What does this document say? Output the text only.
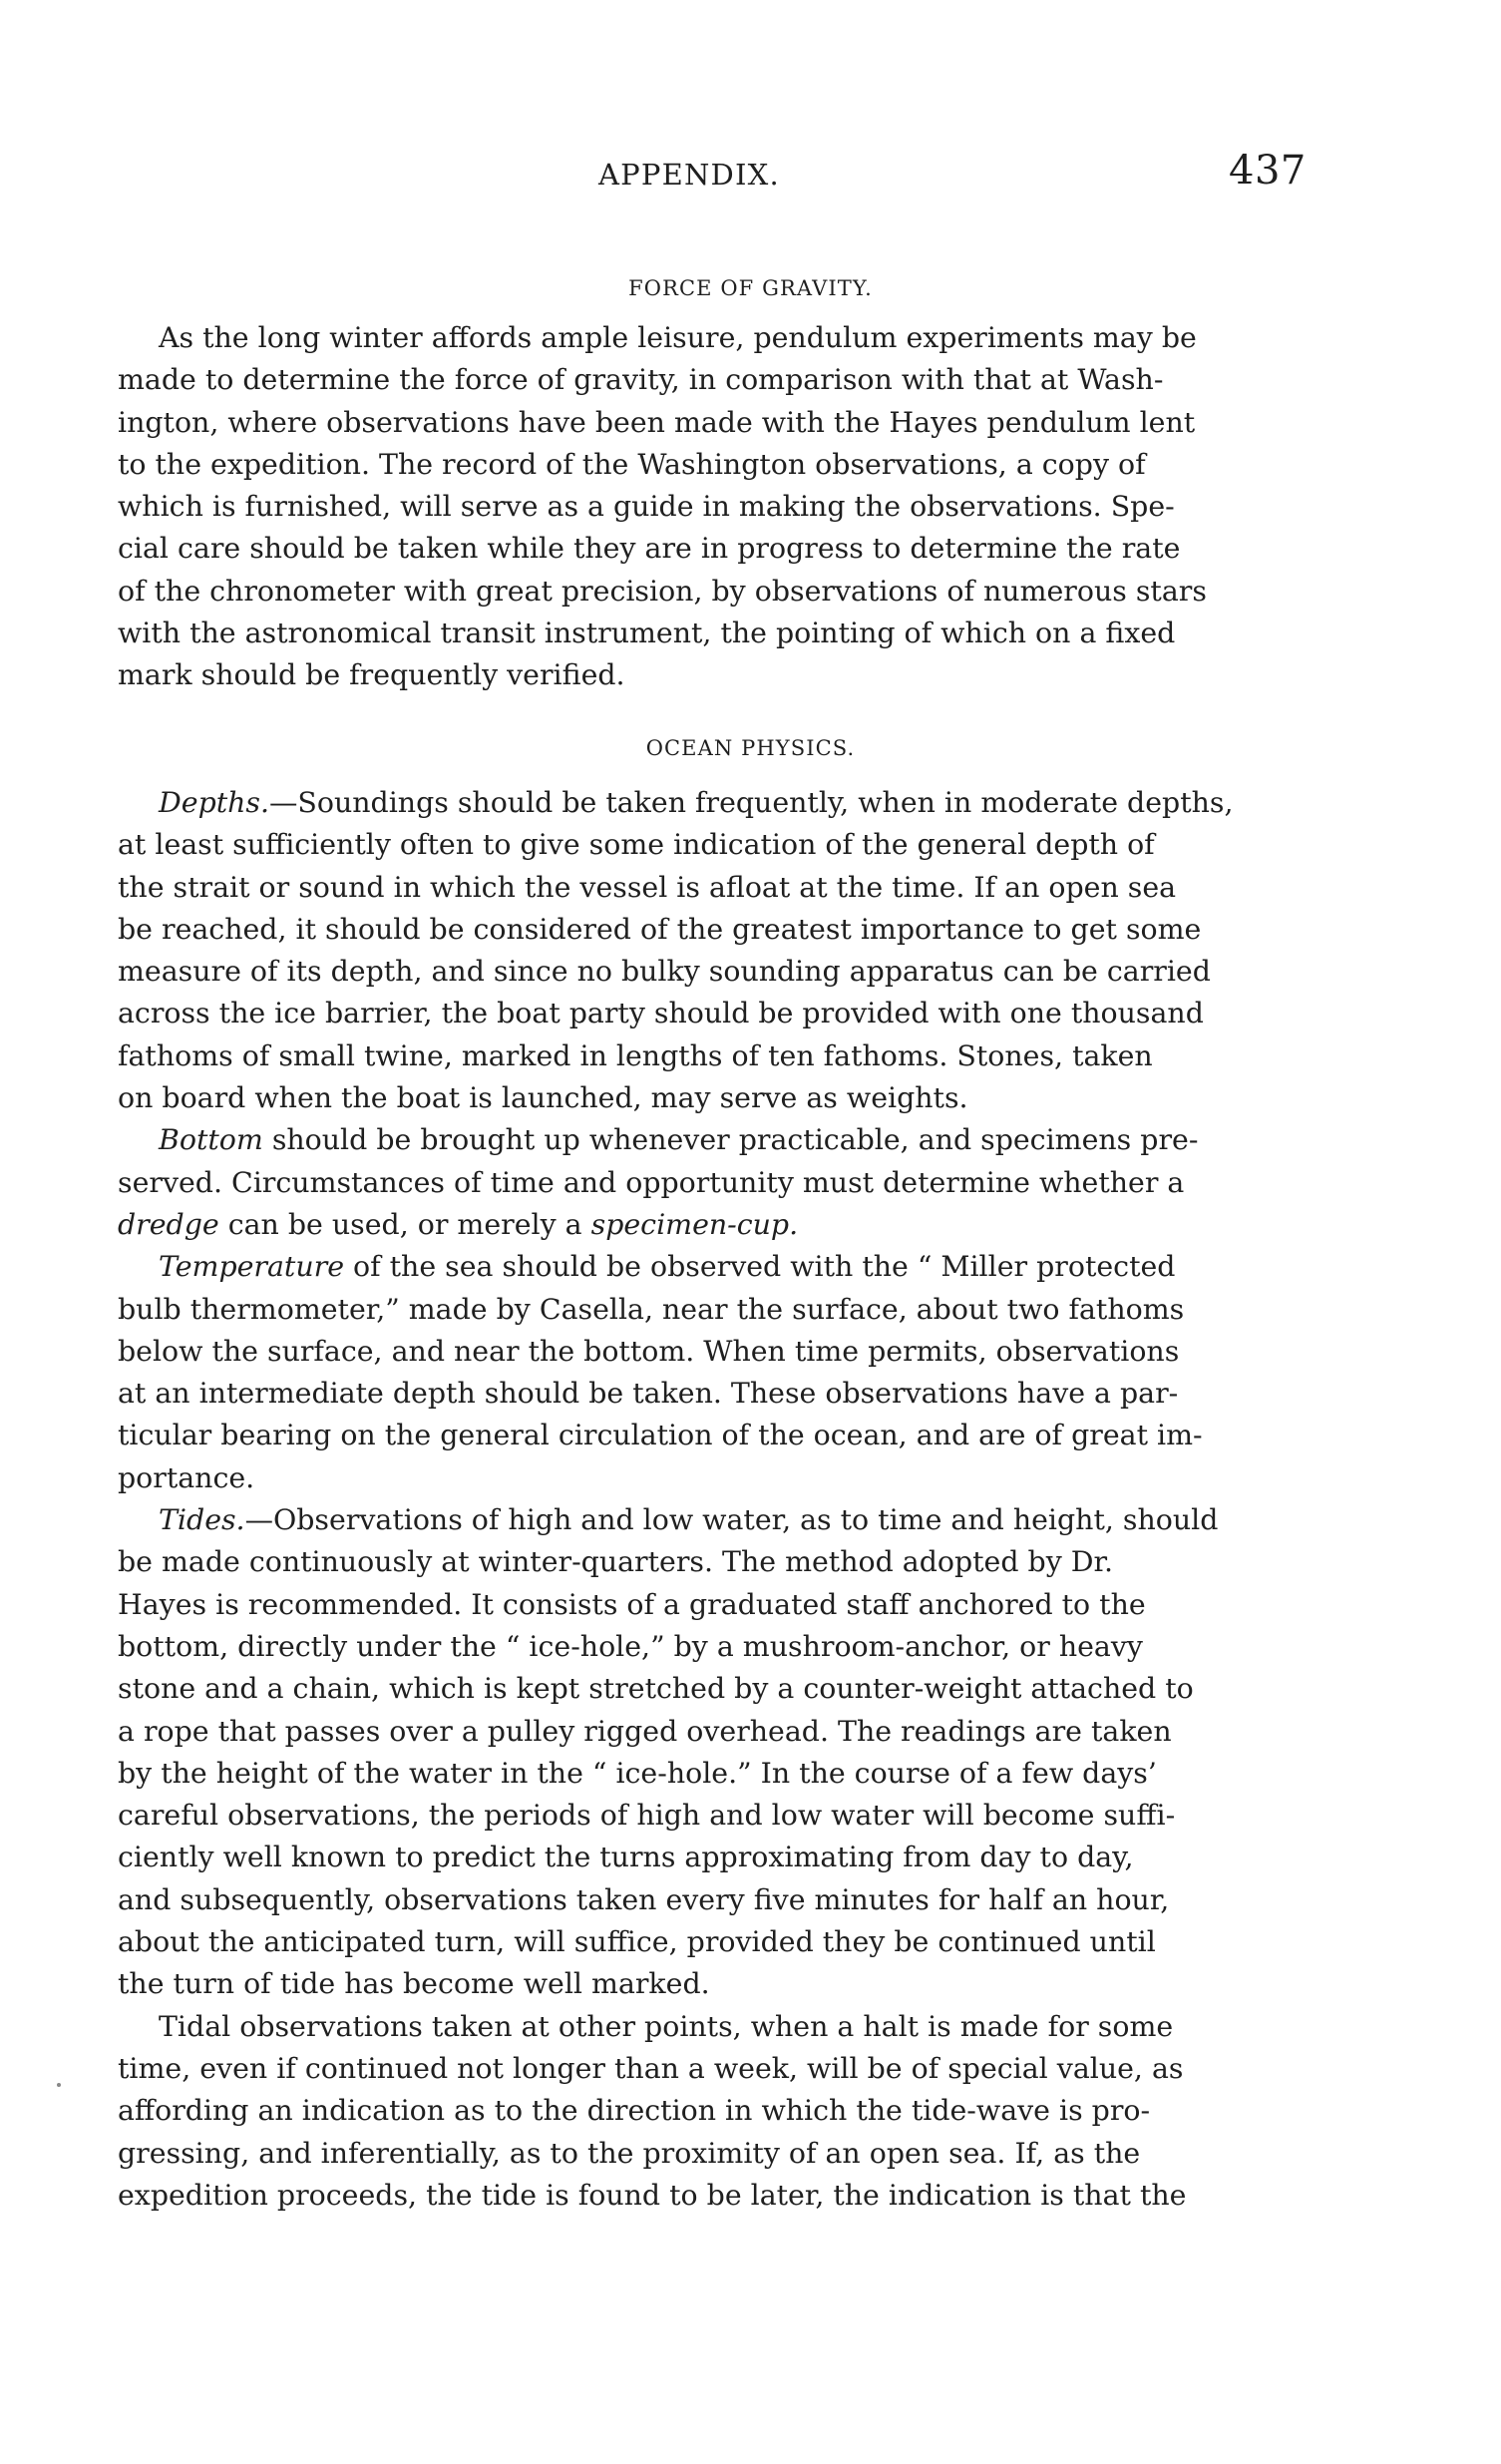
APPENDIX.	437
FORCE OF GRAVITY.
As the long winter affords ample leisure, pendulum experiments may be
made to determine the force of gravity, in comparison with that at Wash-
ington, where observations have been made with the Hayes pendulum lent
to the expedition. The record of the Washington observations, a copy of
which is furnished, will serve as a guide in making the observations. Spe-
cial care should be taken while they are in progress to determine the rate
of the chronometer with great precision, by observations of numerous stars
with the astronomical transit instrument, the pointing of which on a fixed
mark should be frequently verified.
OCEAN PHYSICS.
Depths.—Soundings should be taken frequently, when in moderate depths,
at least sufficiently often to give some indication of the general depth of
the strait or sound in which the vessel is afloat at the time. If an open sea
be reached, it should be considered of the greatest importance to get some
measure of its depth, and since no bulky sounding apparatus can be carried
across the ice barrier, the boat party should be provided with one thousand
fathoms of small twine, marked in lengths of ten fathoms. Stones, taken
on board when the boat is launched, may serve as weights.
Bottom should be brought up whenever practicable, and specimens pre-
served. Circumstances of time and opportunity must determine whether a
dredge can be used, or merely a specimen-cup.
Temperature of the sea should be observed with the “ Miller protected
bulb thermometer,” made by Casella, near the surface, about two fathoms
below the surface, and near the bottom. When time permits, observations
at an intermediate depth should be taken. These observations have a par-
ticular bearing on the general circulation of the ocean, and are of great im-
portance.
Tides.—Observations of high and low water, as to time and height, should
be made continuously at winter-quarters. The method adopted by Dr.
Hayes is recommended. It consists of a graduated staff anchored to the
bottom, directly under the “ ice-hole,” by a mushroom-anchor, or heavy
stone and a chain, which is kept stretched by a counter-weight attached to
a rope that passes over a pulley rigged overhead. The readings are taken
by the height of the water in the “ ice-hole.” In the course of a few days’
careful observations, the periods of high and low water will become suffi-
ciently well known to predict the turns approximating from day to day,
and subsequently, observations taken every five minutes for half an hour,
about the anticipated turn, will suffice, provided they be continued until
the turn of tide has become well marked.
Tidal observations taken at other points, when a halt is made for some
time, even if continued not longer than a week, will be of special value, as
affording an indication as to the direction in which the tide-wave is pro-
gressing, and inferentially, as to the proximity of an open sea. If, as the
expedition proceeds, the tide is found to be later, the indication is that the
